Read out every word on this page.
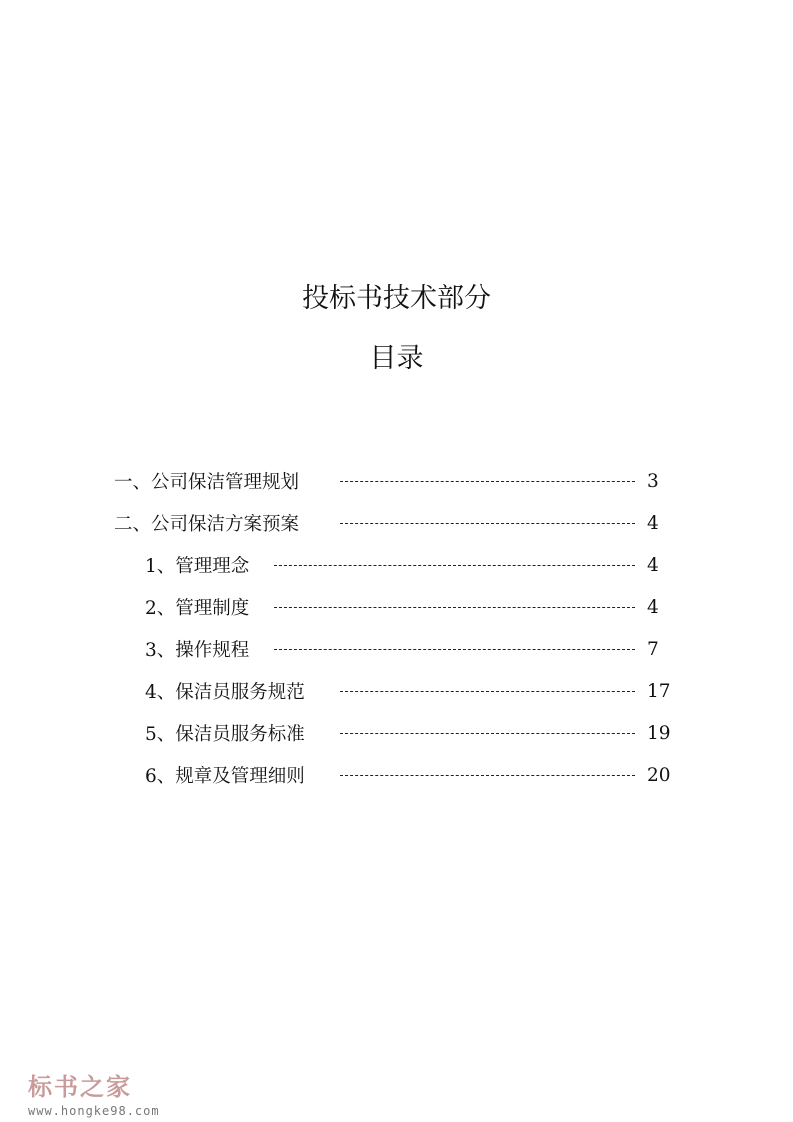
投标书技术部分
目录
一、公司保洁管理规划	3
二、公司保洁方案预案	4
1、管理理念	4
2、管理制度	4
3、操作规程	7
4、保洁员服务规范	17
5、保洁员服务标准	19
6、规章及管理细则	20
标书之家
www.hongke98.com
